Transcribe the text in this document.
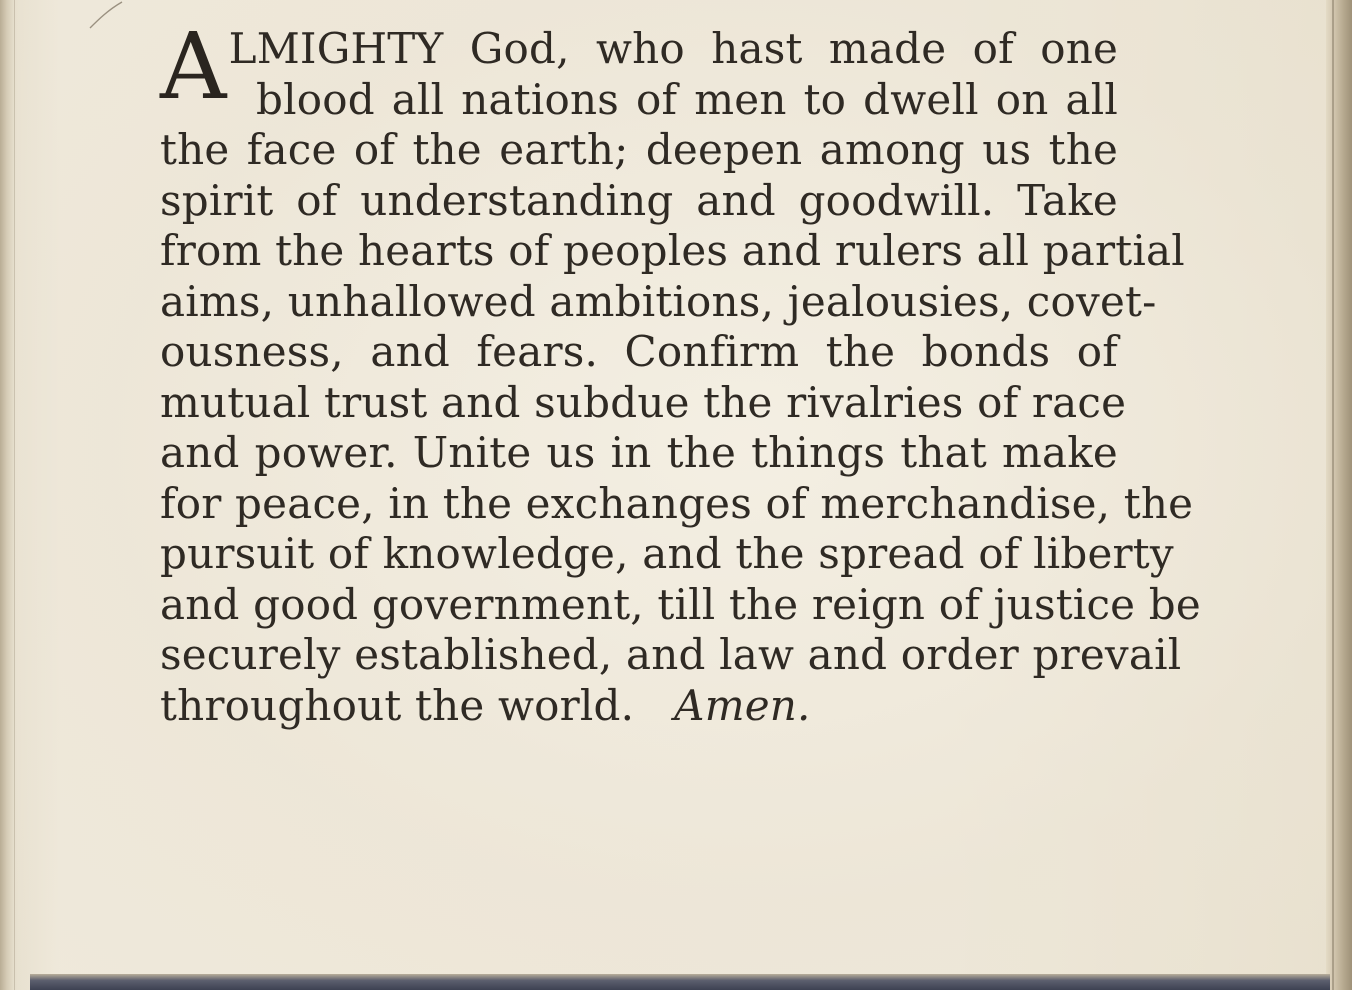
A LMIGHTY God, who hast made of one
blood all nations of men to dwell on all
the face of the earth; deepen among us the
spirit of understanding and goodwill. Take
from the hearts of peoples and rulers all partial
aims, unhallowed ambitions, jealousies, covet-
ousness, and fears. Confirm the bonds of
mutual trust and subdue the rivalries of race
and power. Unite us in the things that make
for peace, in the exchanges of merchandise, the
pursuit of knowledge, and the spread of liberty
and good government, till the reign of justice be
securely established, and law and order prevail
throughout the world. Amen.
